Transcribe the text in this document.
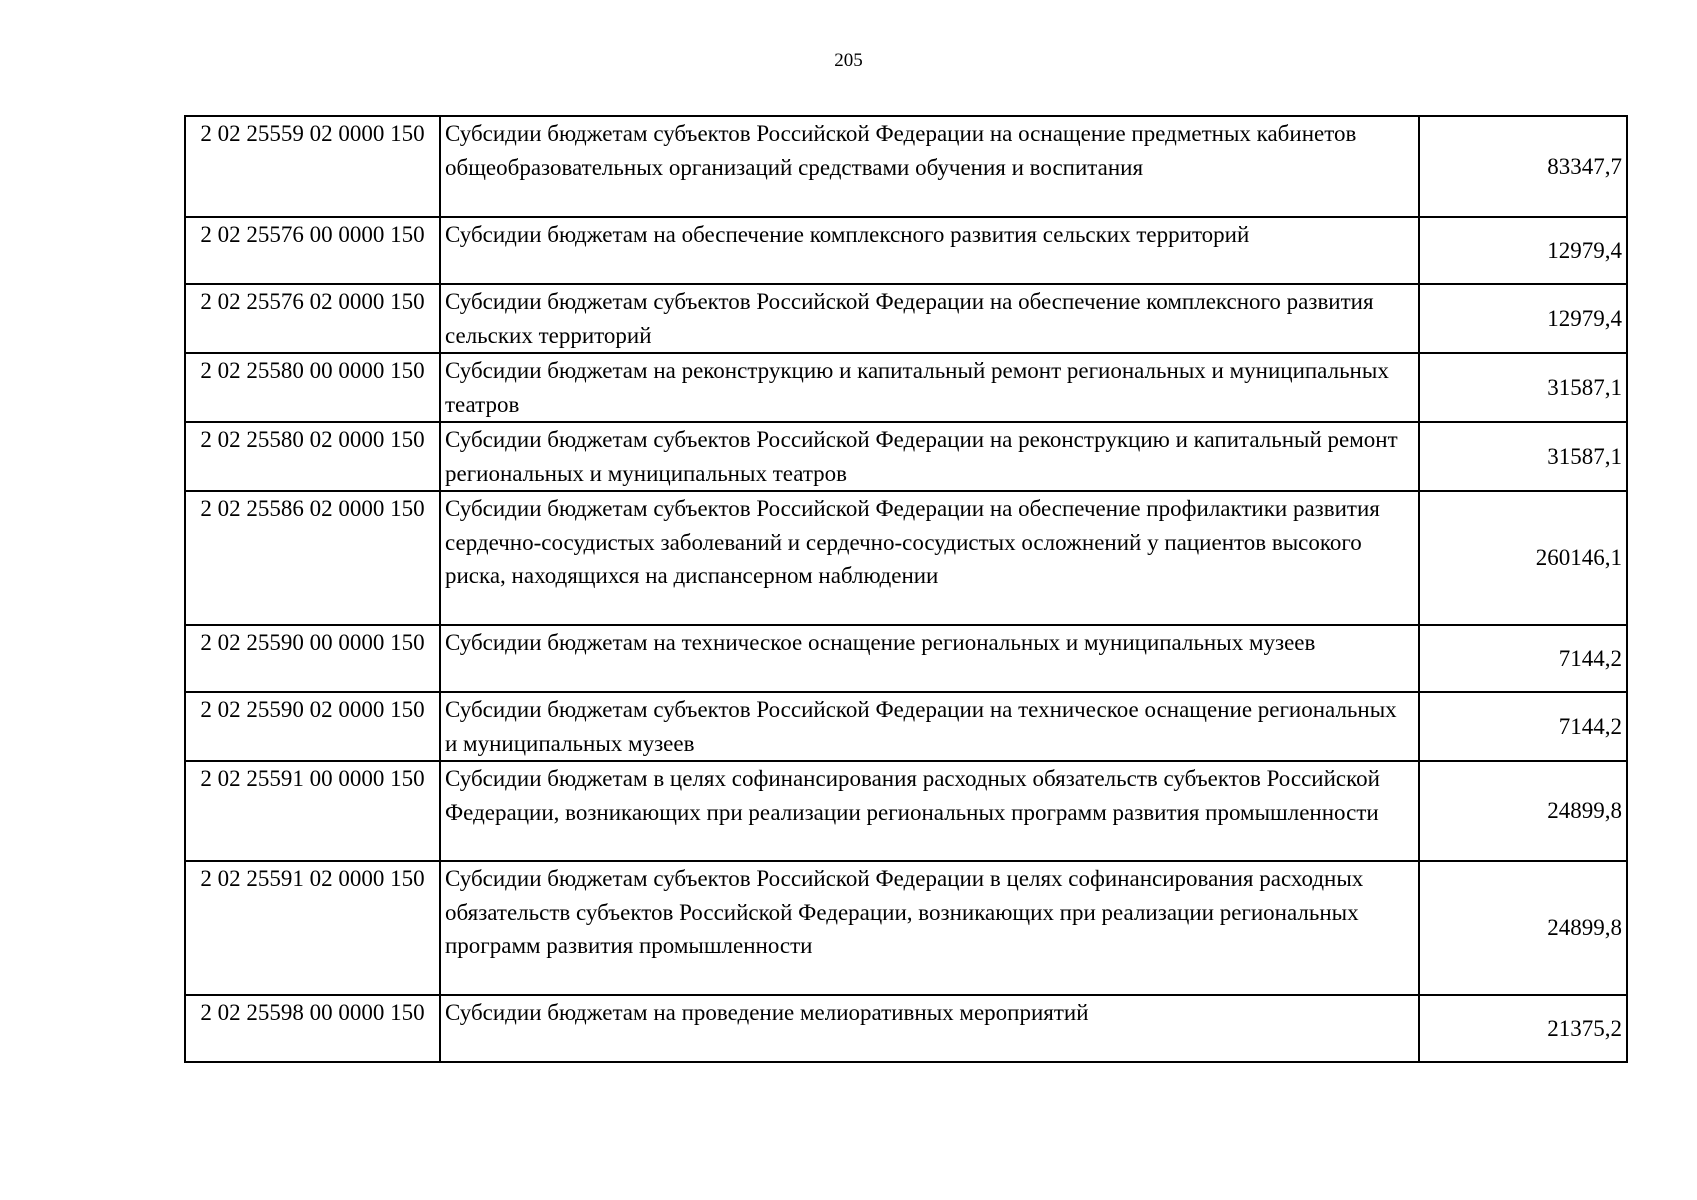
205
2 02 25559 02 0000 150	Субсидии бюджетам субъектов Российской Федерации на оснащение предметных кабинетов общеобразовательных организаций средствами обучения и воспитания	83347,7
2 02 25576 00 0000 150	Субсидии бюджетам на обеспечение комплексного развития сельских территорий	12979,4
2 02 25576 02 0000 150	Субсидии бюджетам субъектов Российской Федерации на обеспечение комплексного развития сельских территорий	12979,4
2 02 25580 00 0000 150	Субсидии бюджетам на реконструкцию и капитальный ремонт региональных и муниципальных театров	31587,1
2 02 25580 02 0000 150	Субсидии бюджетам субъектов Российской Федерации на реконструкцию и капитальный ремонт региональных и муниципальных театров	31587,1
2 02 25586 02 0000 150	Субсидии бюджетам субъектов Российской Федерации на обеспечение профилактики развития сердечно-сосудистых заболеваний и сердечно-сосудистых осложнений у пациентов высокого риска, находящихся на диспансерном наблюдении	260146,1
2 02 25590 00 0000 150	Субсидии бюджетам на техническое оснащение региональных и муниципальных музеев	7144,2
2 02 25590 02 0000 150	Субсидии бюджетам субъектов Российской Федерации на техническое оснащение региональных и муниципальных музеев	7144,2
2 02 25591 00 0000 150	Субсидии бюджетам в целях софинансирования расходных обязательств субъектов Российской Федерации, возникающих при реализации региональных программ развития промышленности	24899,8
2 02 25591 02 0000 150	Субсидии бюджетам субъектов Российской Федерации в целях софинансирования расходных обязательств субъектов Российской Федерации, возникающих при реализации региональных программ развития промышленности	24899,8
2 02 25598 00 0000 150	Субсидии бюджетам на проведение мелиоративных мероприятий	21375,2
